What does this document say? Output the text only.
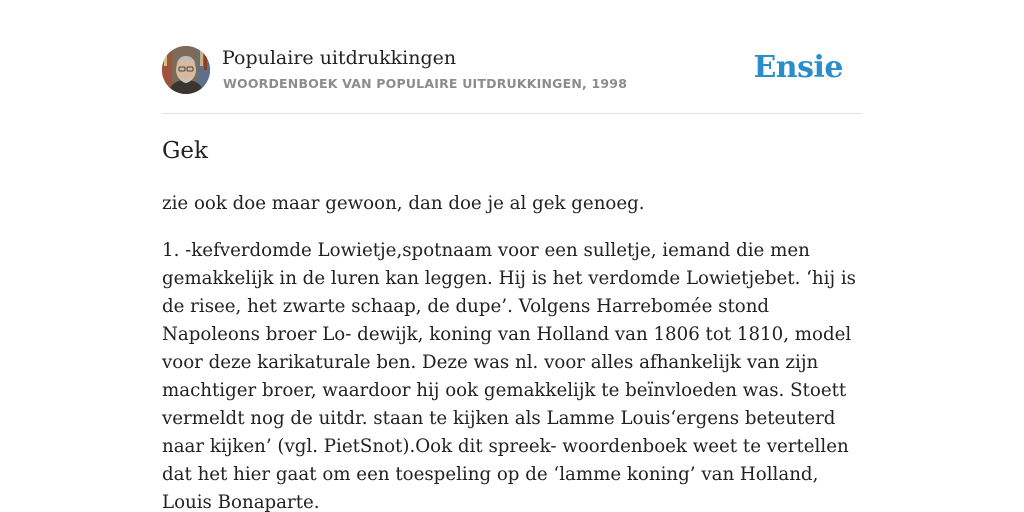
Populaire uitdrukkingen
WOORDENBOEK VAN POPULAIRE UITDRUKKINGEN, 1998	Ensie
Gek

zie ook doe maar gewoon, dan doe je al gek genoeg.

1. -kefverdomde Lowietje,spotnaam voor een sulletje, iemand die men gemakkelijk in de luren kan leggen. Hij is het verdomde Lowietjebet. ‘hij is de risee, het zwarte schaap, de dupe’. Volgens Harrebomée stond Napoleons broer Lo- dewijk, koning van Holland van 1806 tot 1810, model voor deze karikaturale ben. Deze was nl. voor alles afhankelijk van zijn machtiger broer, waardoor hij ook gemakkelijk te beïnvloeden was. Stoett vermeldt nog de uitdr. staan te kijken als Lamme Louis‘ergens beteuterd naar kijken’ (vgl. PietSnot).Ook dit spreek- woordenboek weet te vertellen dat het hier gaat om een toespeling op de ‘lamme koning’ van Holland, Louis Bonaparte.
